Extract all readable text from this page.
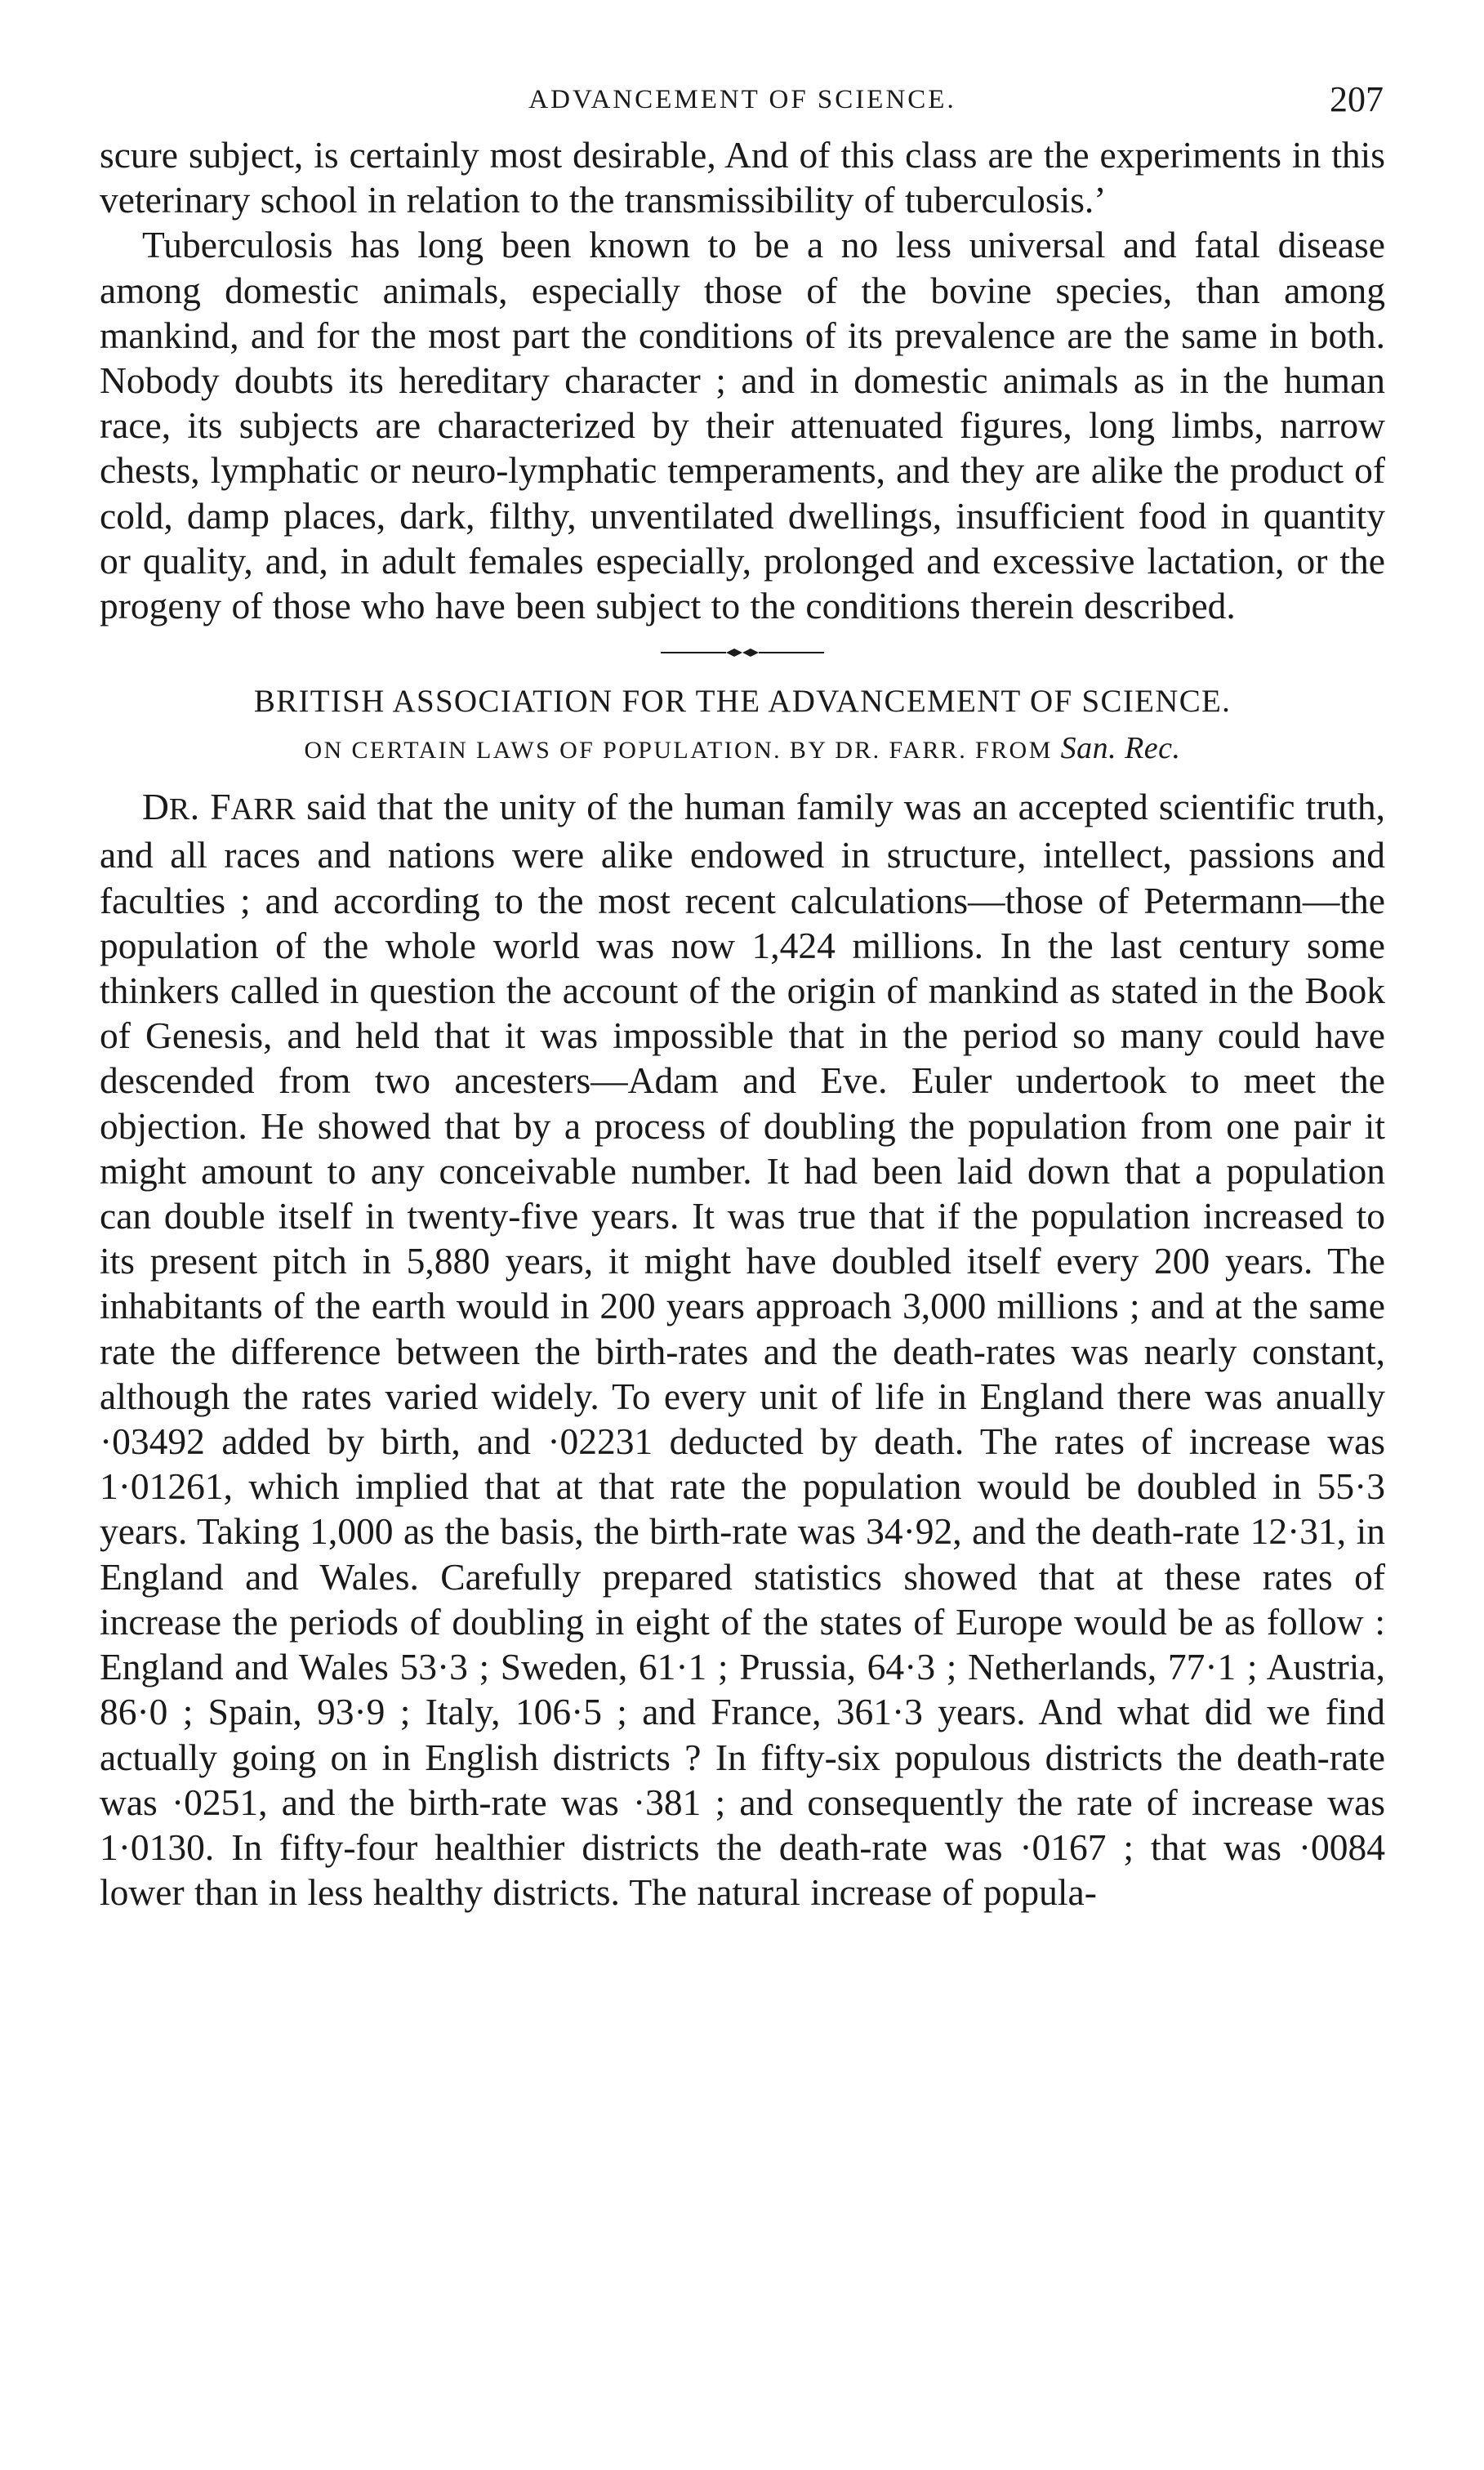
ADVANCEMENT OF SCIENCE.	207

scure subject, is certainly most desirable, And of this class are the experiments in this veterinary school in relation to the transmissibility of tuberculosis.’

Tuberculosis has long been known to be a no less universal and fatal disease among domestic animals, especially those of the bovine species, than among mankind, and for the most part the conditions of its prevalence are the same in both. Nobody doubts its hereditary character ; and in domestic animals as in the human race, its subjects are characterized by their attenuated figures, long limbs, narrow chests, lymphatic or neuro-lymphatic temperaments, and they are alike the product of cold, damp places, dark, filthy, unventilated dwellings, insufficient food in quantity or quality, and, in adult females especially, prolonged and excessive lactation, or the progeny of those who have been subject to the conditions therein described.

BRITISH ASSOCIATION FOR THE ADVANCEMENT OF SCIENCE.
ON CERTAIN LAWS OF POPULATION. BY DR. FARR. FROM San. Rec.

DR. FARR said that the unity of the human family was an accepted scientific truth, and all races and nations were alike endowed in structure, intellect, passions and faculties ; and according to the most recent calculations—those of Petermann—the population of the whole world was now 1,424 millions. In the last century some thinkers called in question the account of the origin of mankind as stated in the Book of Genesis, and held that it was impossible that in the period so many could have descended from two ancesters—Adam and Eve. Euler undertook to meet the objection. He showed that by a process of doubling the population from one pair it might amount to any conceivable number. It had been laid down that a population can double itself in twenty-five years. It was true that if the population increased to its present pitch in 5,880 years, it might have doubled itself every 200 years. The inhabitants of the earth would in 200 years approach 3,000 millions ; and at the same rate the difference between the birth-rates and the death-rates was nearly constant, although the rates varied widely. To every unit of life in England there was anually ·03492 added by birth, and ·02231 deducted by death. The rates of increase was 1·01261, which implied that at that rate the population would be doubled in 55·3 years. Taking 1,000 as the basis, the birth-rate was 34·92, and the death-rate 12·31, in England and Wales. Carefully prepared statistics showed that at these rates of increase the periods of doubling in eight of the states of Europe would be as follow : England and Wales 53·3 ; Sweden, 61·1 ; Prussia, 64·3 ; Netherlands, 77·1 ; Austria, 86·0 ; Spain, 93·9 ; Italy, 106·5 ; and France, 361·3 years. And what did we find actually going on in English districts ? In fifty-six populous districts the death-rate was ·0251, and the birth-rate was ·381 ; and consequently the rate of increase was 1·0130. In fifty-four healthier districts the death-rate was ·0167 ; that was ·0084 lower than in less healthy districts. The natural increase of popula-
